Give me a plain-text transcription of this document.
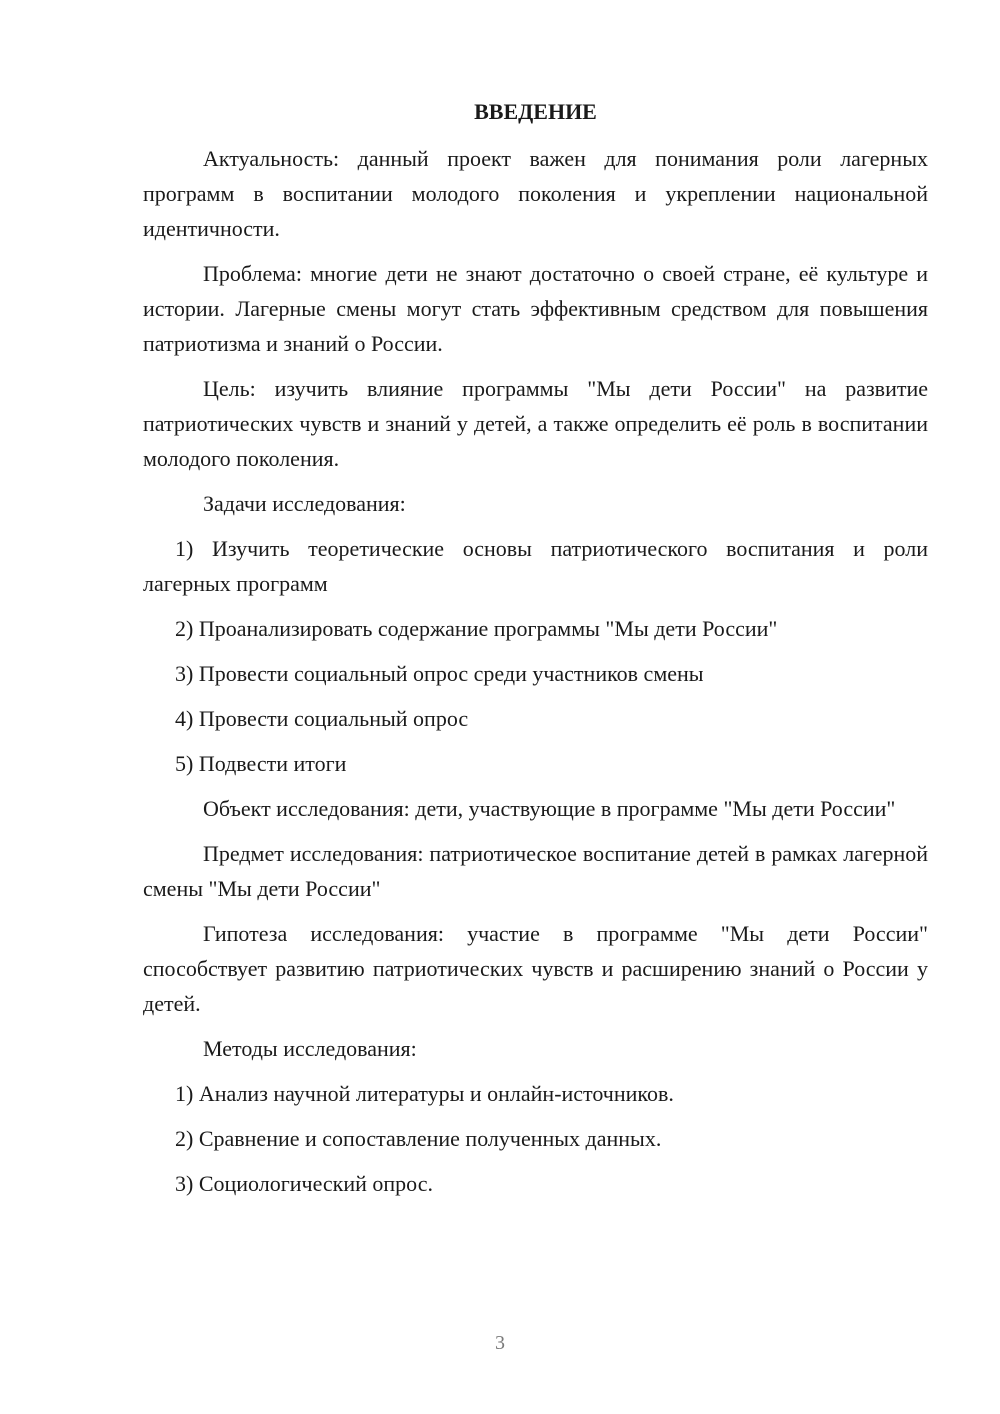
ВВЕДЕНИЕ

Актуальность: данный проект важен для понимания роли лагерных программ в воспитании молодого поколения и укреплении национальной идентичности.

Проблема: многие дети не знают достаточно о своей стране, её культуре и истории. Лагерные смены могут стать эффективным средством для повышения патриотизма и знаний о России.

Цель: изучить влияние программы "Мы дети России" на развитие патриотических чувств и знаний у детей, а также определить её роль в воспитании молодого поколения.

Задачи исследования:

1) Изучить теоретические основы патриотического воспитания и роли лагерных программ

2) Проанализировать содержание программы "Мы дети России"

3) Провести социальный опрос среди участников смены

4) Провести социальный опрос

5) Подвести итоги

Объект исследования: дети, участвующие в программе "Мы дети России"

Предмет исследования: патриотическое воспитание детей в рамках лагерной смены "Мы дети России"

Гипотеза исследования: участие в программе "Мы дети России" способствует развитию патриотических чувств и расширению знаний о России у детей.

Методы исследования:

1) Анализ научной литературы и онлайн-источников.

2) Сравнение и сопоставление полученных данных.

3) Социологический опрос.

3
